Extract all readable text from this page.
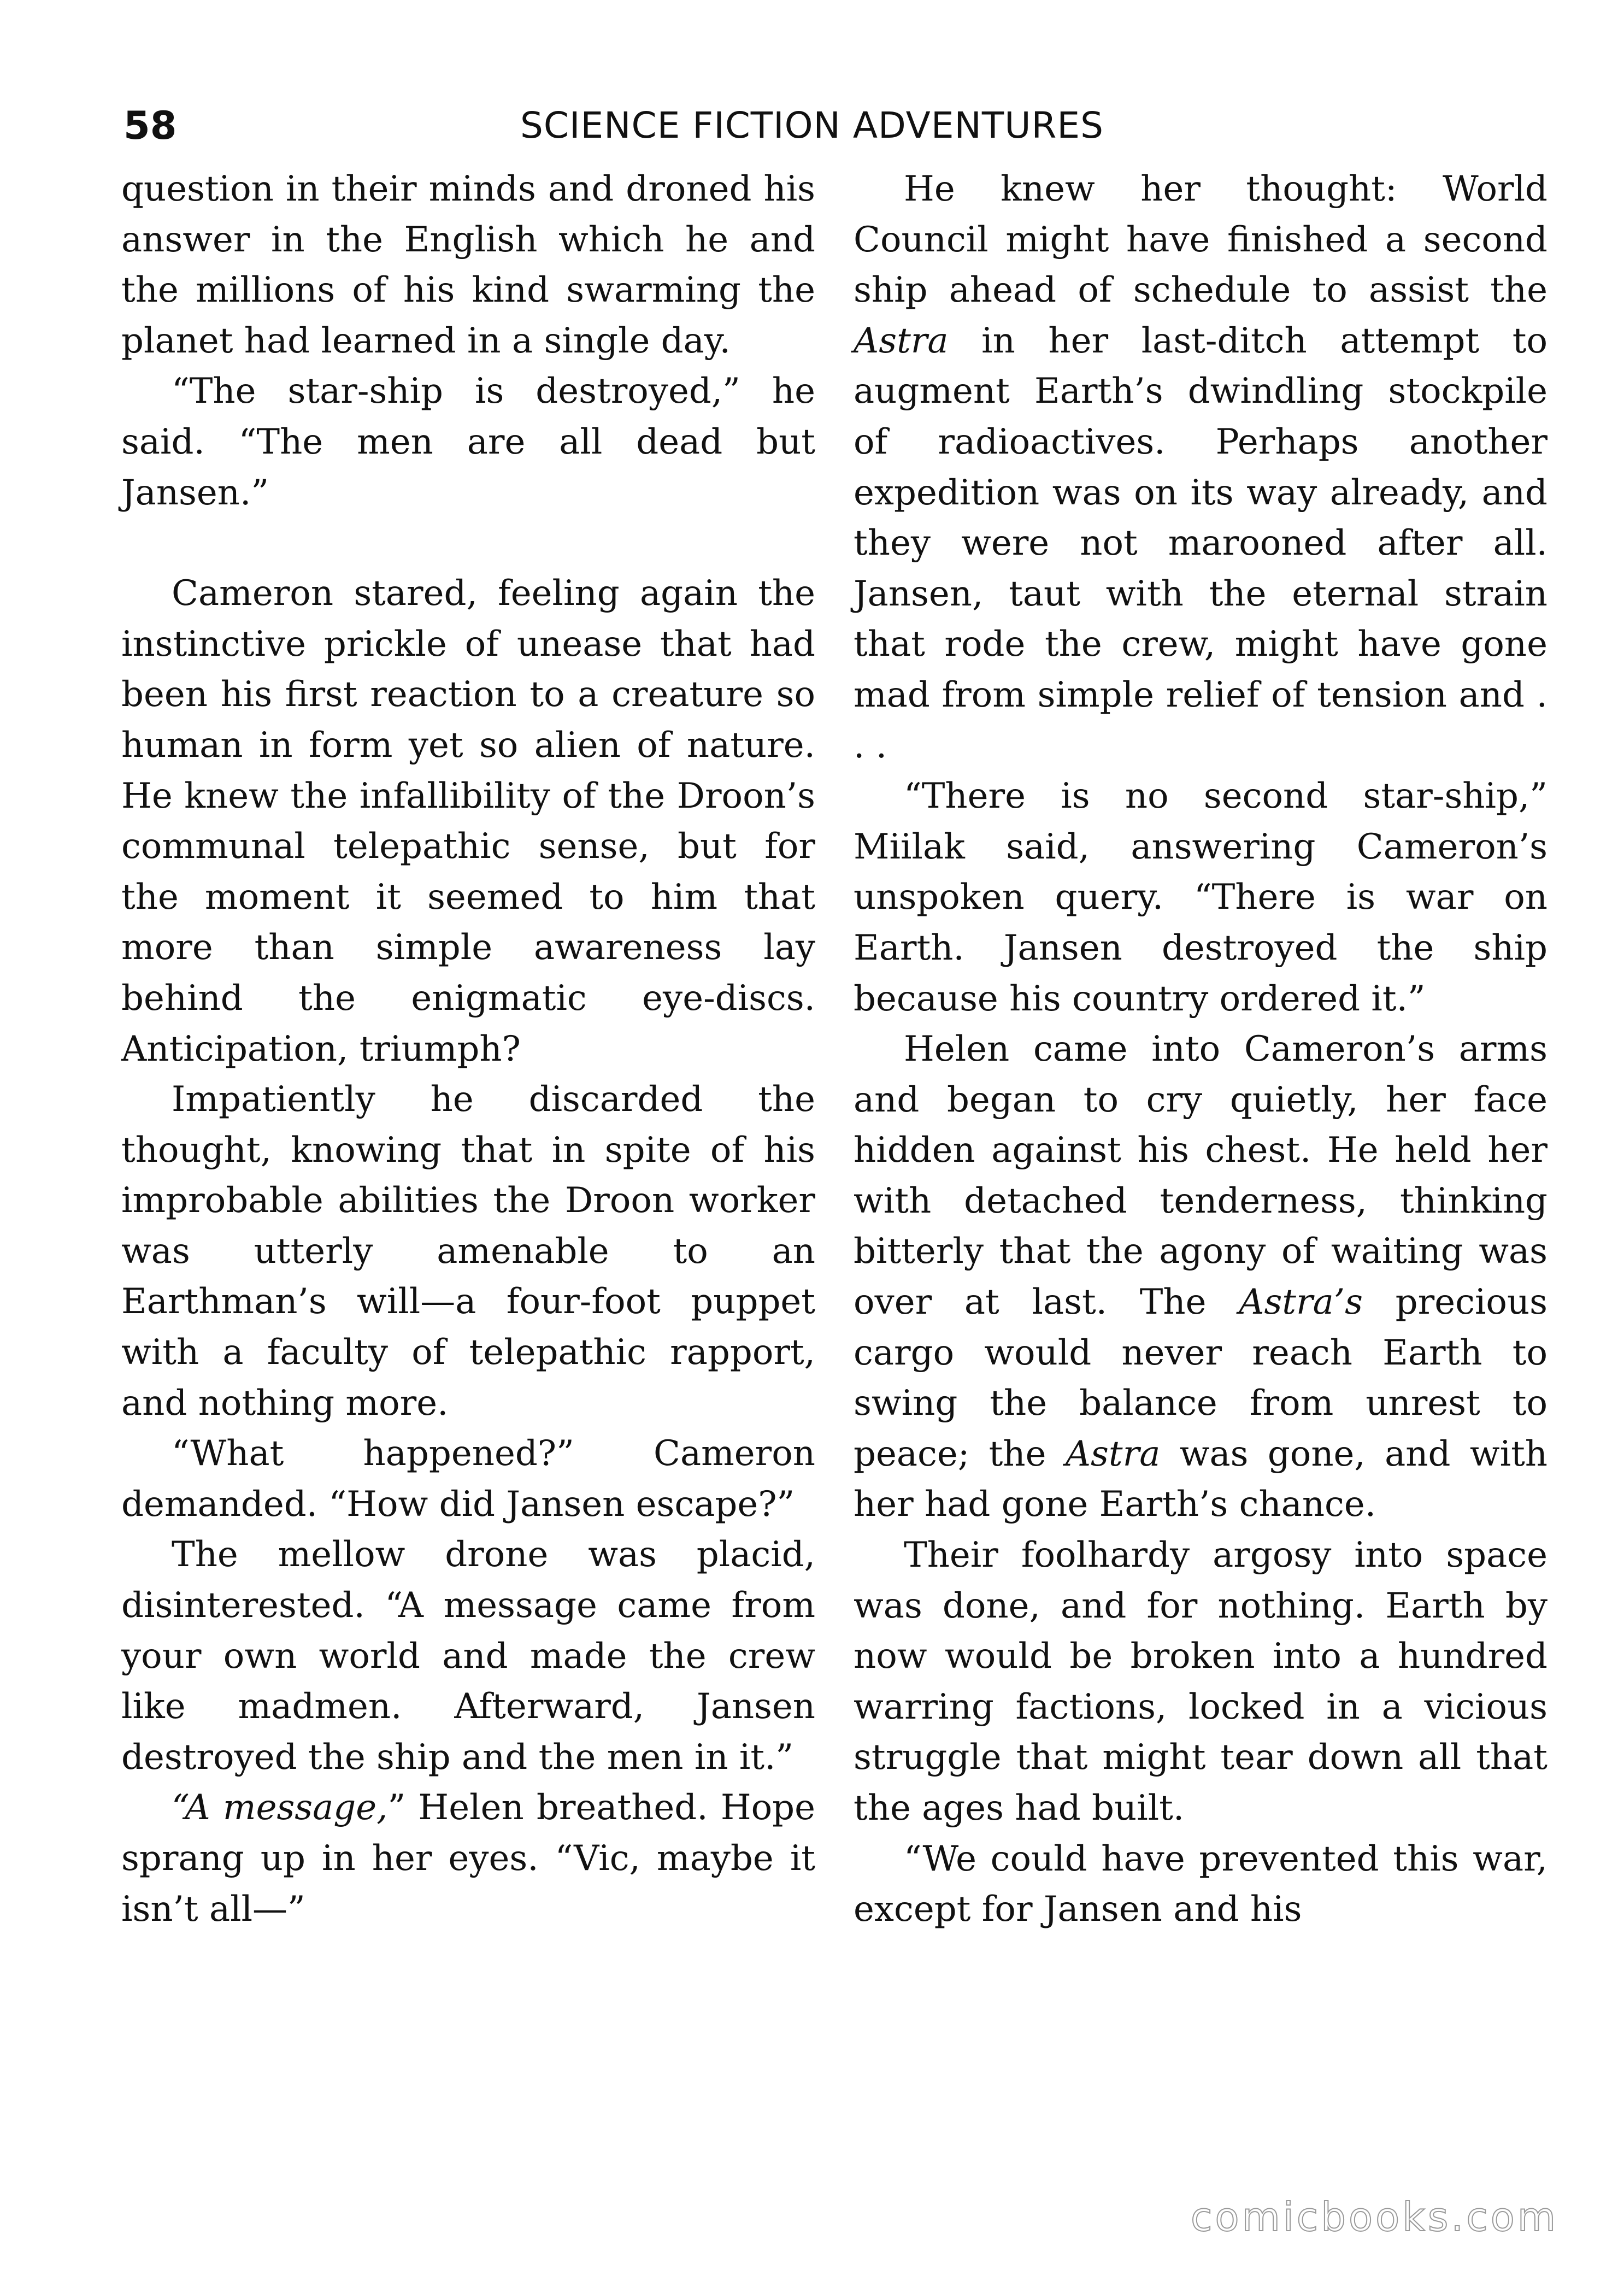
58	SCIENCE FICTION ADVENTURES

question in their minds and droned his answer in the English which he and the millions of his kind swarming the planet had learned in a single day.

“The star-ship is destroyed,” he said. “The men are all dead but Jansen.”

Cameron stared, feeling again the instinctive prickle of unease that had been his first reaction to a creature so human in form yet so alien of nature. He knew the infallibility of the Droon’s communal telepathic sense, but for the moment it seemed to him that more than simple awareness lay behind the enigmatic eye-discs. Anticipation, triumph?

Impatiently he discarded the thought, knowing that in spite of his improbable abilities the Droon worker was utterly amenable to an Earthman’s will—a four-foot puppet with a faculty of telepathic rapport, and nothing more.

“What happened?” Cameron demanded. “How did Jansen escape?”

The mellow drone was placid, disinterested. “A message came from your own world and made the crew like madmen. Afterward, Jansen destroyed the ship and the men in it.”

“A message,” Helen breathed. Hope sprang up in her eyes. “Vic, maybe it isn’t all—”

He knew her thought: World Council might have finished a second ship ahead of schedule to assist the Astra in her last-ditch attempt to augment Earth’s dwindling stockpile of radioactives. Perhaps another expedition was on its way already, and they were not marooned after all. Jansen, taut with the eternal strain that rode the crew, might have gone mad from simple relief of tension and . . .

“There is no second star-ship,” Miilak said, answering Cameron’s unspoken query. “There is war on Earth. Jansen destroyed the ship because his country ordered it.”

Helen came into Cameron’s arms and began to cry quietly, her face hidden against his chest. He held her with detached tenderness, thinking bitterly that the agony of waiting was over at last. The Astra’s precious cargo would never reach Earth to swing the balance from unrest to peace; the Astra was gone, and with her had gone Earth’s chance.

Their foolhardy argosy into space was done, and for nothing. Earth by now would be broken into a hundred warring factions, locked in a vicious struggle that might tear down all that the ages had built.

“We could have prevented this war, except for Jansen and his

comicbooks.com
